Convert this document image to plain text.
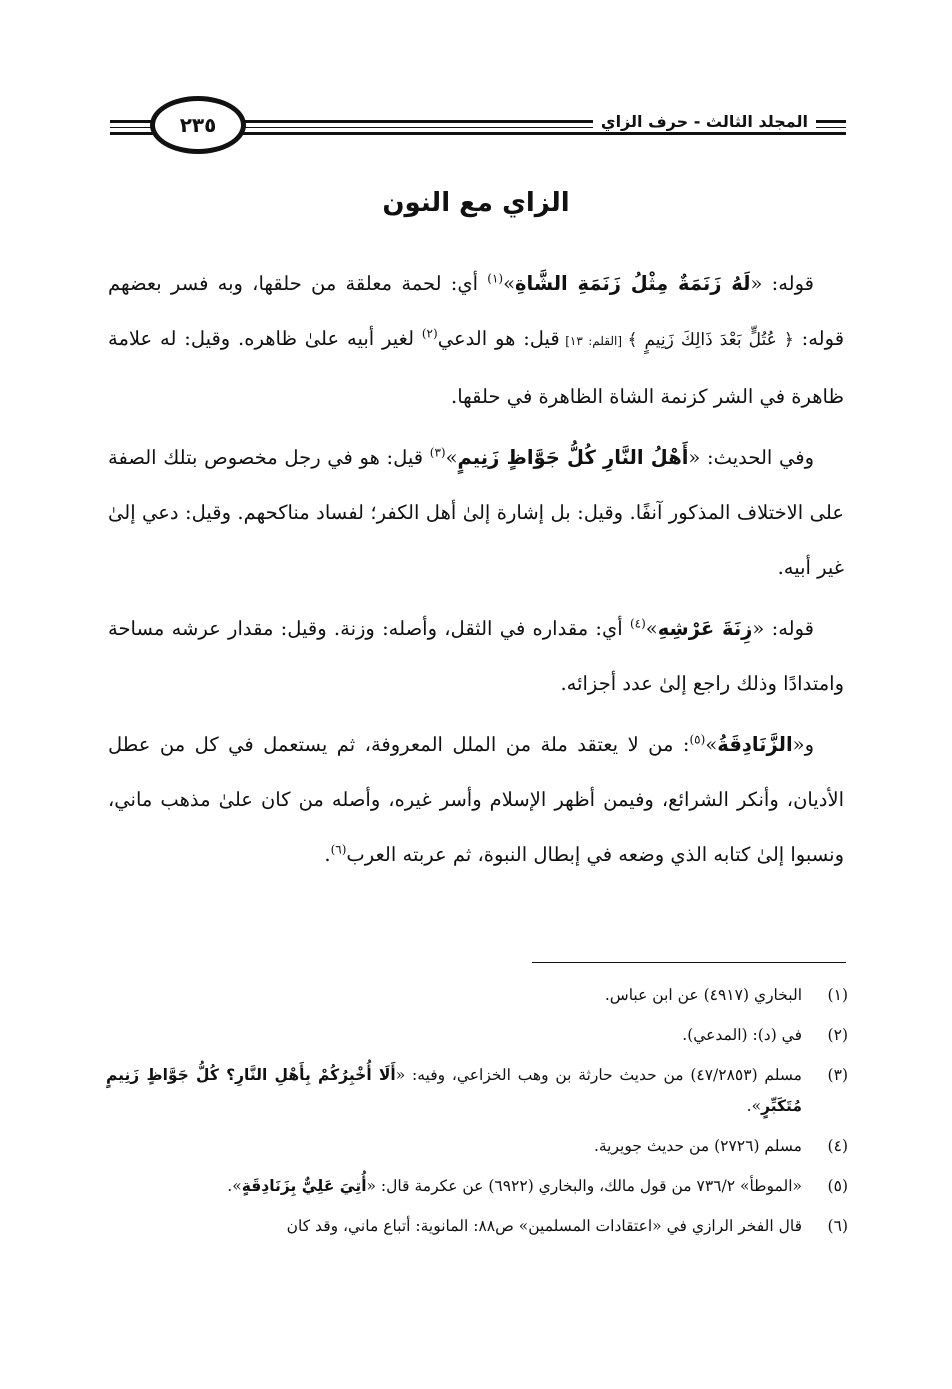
المجلد الثالث - حرف الزاي
٢٣٥
الزاي مع النون

قوله: «لَهُ زَنَمَةٌ مِثْلُ زَنَمَةِ الشَّاةِ»$^{(١)}$ أي: لحمة معلقة من حلقها، وبه فسر بعضهم قوله: ﴿ عُتُلٍّ بَعْدَ ذَالِكَ زَنِيمٍ ﴾ [القلم: ١٣] قيل: هو الدعي$^{(٢)}$ لغير أبيه علىٰ ظاهره. وقيل: له علامة ظاهرة في الشر كزنمة الشاة الظاهرة في حلقها.

وفي الحديث: «أَهْلُ النَّارِ كُلُّ جَوَّاظٍ زَنِيمٍ»$^{(٣)}$ قيل: هو في رجل مخصوص بتلك الصفة على الاختلاف المذكور آنفًا. وقيل: بل إشارة إلىٰ أهل الكفر؛ لفساد مناكحهم. وقيل: دعي إلىٰ غير أبيه.

قوله: «زِنَةَ عَرْشِهِ»$^{(٤)}$ أي: مقداره في الثقل، وأصله: وزنة. وقيل: مقدار عرشه مساحة وامتدادًا وذلك راجع إلىٰ عدد أجزائه.

و«الزَّنَادِقَةُ»$^{(٥)}$: من لا يعتقد ملة من الملل المعروفة، ثم يستعمل في كل من عطل الأديان، وأنكر الشرائع، وفيمن أظهر الإسلام وأسر غيره، وأصله من كان علىٰ مذهب ماني، ونسبوا إلىٰ كتابه الذي وضعه في إبطال النبوة، ثم عربته العرب$^{(٦)}$.

(١)
البخاري (٤٩١٧) عن ابن عباس.
(٢)
في (د): (المدعي).
(٣)
مسلم (٤٧/٢٨٥٣) من حديث حارثة بن وهب الخزاعي، وفيه: «أَلَا أُخْبِرُكُمْ بِأَهْلِ النَّارِ؟ كُلُّ جَوَّاظٍ زَنِيمٍ مُتَكَبِّرٍ».
(٤)
مسلم (٢٧٢٦) من حديث جويرية.
(٥)
«الموطأ» ٧٣٦/٢ من قول مالك، والبخاري (٦٩٢٢) عن عكرمة قال: «أُتِيَ عَلِيٌّ بِزَنَادِقَةٍ».
(٦)
قال الفخر الرازي في «اعتقادات المسلمين» ص٨٨: المانوية: أتباع ماني، وقد كان
